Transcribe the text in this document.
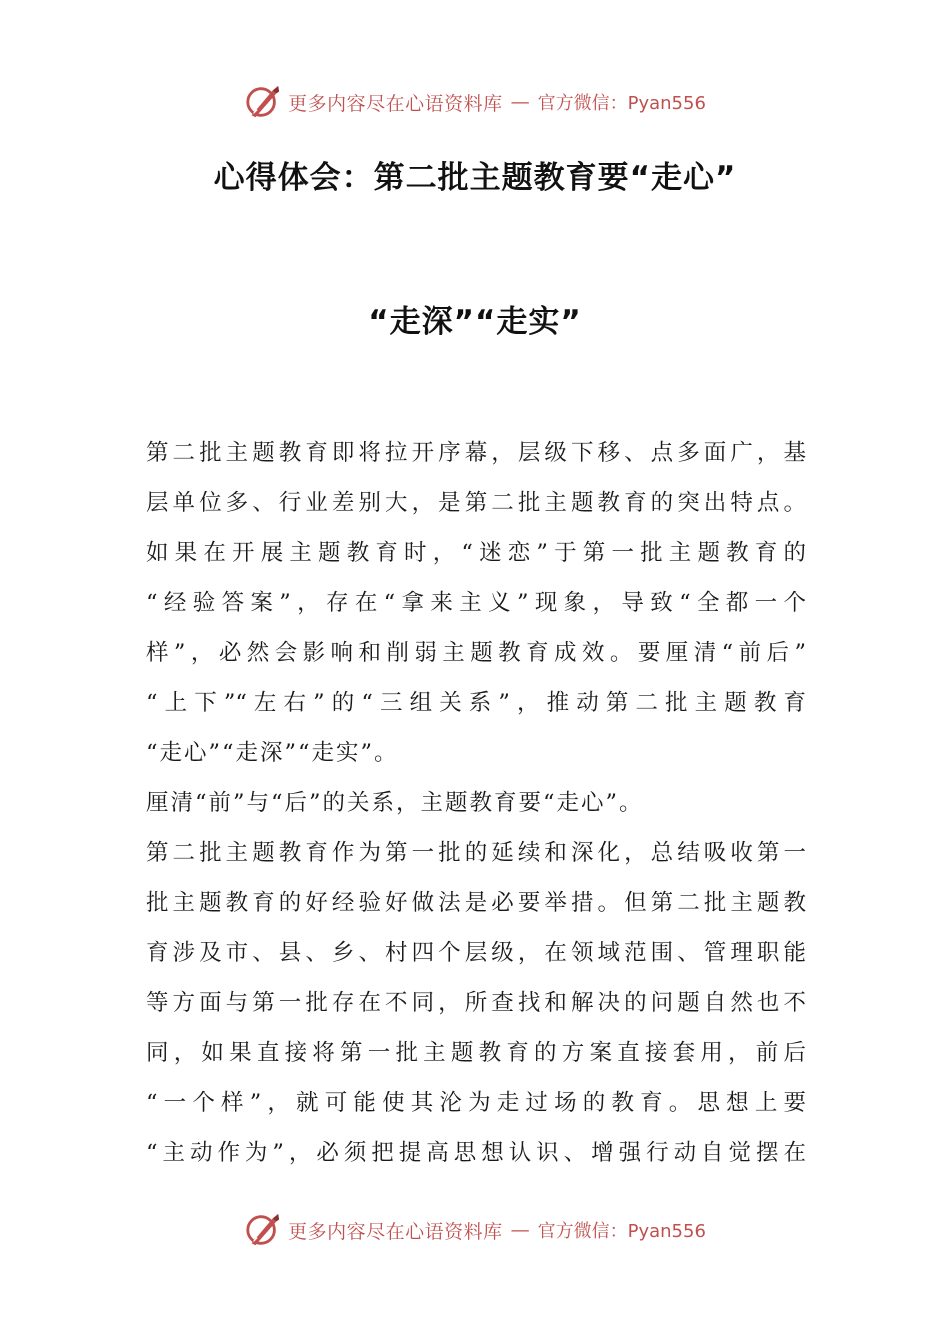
更多内容尽在心语资料库 — 官方微信：Pyan556
心得体会：第二批主题教育要“走心”
“走深”“走实”
第二批主题教育即将拉开序幕，层级下移、点多面广，基
层单位多、行业差别大，是第二批主题教育的突出特点。
如果在开展主题教育时，“迷恋”于第一批主题教育的
“经验答案”，存在“拿来主义”现象，导致“全都一个
样”，必然会影响和削弱主题教育成效。要厘清“前后”
“上下”“左右”的“三组关系”，推动第二批主题教育
“走心”“走深”“走实”。
厘清“前”与“后”的关系，主题教育要“走心”。
第二批主题教育作为第一批的延续和深化，总结吸收第一
批主题教育的好经验好做法是必要举措。但第二批主题教
育涉及市、县、乡、村四个层级，在领域范围、管理职能
等方面与第一批存在不同，所查找和解决的问题自然也不
同，如果直接将第一批主题教育的方案直接套用，前后
“一个样”，就可能使其沦为走过场的教育。思想上要
“主动作为”，必须把提高思想认识、增强行动自觉摆在
更多内容尽在心语资料库 — 官方微信：Pyan556
